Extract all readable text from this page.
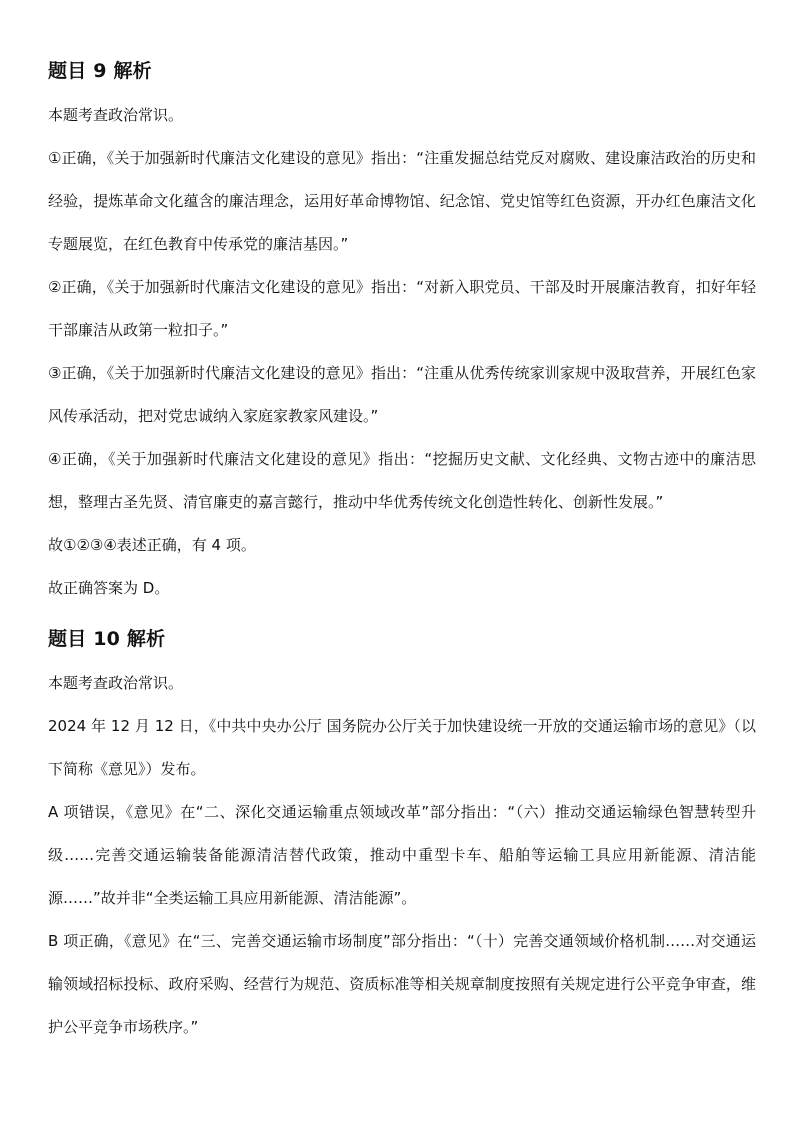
题目 9 解析

本题考查政治常识。

①正确，《关于加强新时代廉洁文化建设的意见》指出：“注重发掘总结党反对腐败、建设廉洁政治的历史和经验，提炼革命文化蕴含的廉洁理念，运用好革命博物馆、纪念馆、党史馆等红色资源，开办红色廉洁文化专题展览，在红色教育中传承党的廉洁基因。”

②正确，《关于加强新时代廉洁文化建设的意见》指出：“对新入职党员、干部及时开展廉洁教育，扣好年轻干部廉洁从政第一粒扣子。”

③正确，《关于加强新时代廉洁文化建设的意见》指出：“注重从优秀传统家训家规中汲取营养，开展红色家风传承活动，把对党忠诚纳入家庭家教家风建设。”

④正确，《关于加强新时代廉洁文化建设的意见》指出：“挖掘历史文献、文化经典、文物古迹中的廉洁思想，整理古圣先贤、清官廉吏的嘉言懿行，推动中华优秀传统文化创造性转化、创新性发展。”

故①②③④表述正确，有 4 项。

故正确答案为 D。

题目 10 解析

本题考查政治常识。

2024 年 12 月 12 日，《中共中央办公厅 国务院办公厅关于加快建设统一开放的交通运输市场的意见》（以下简称《意见》）发布。

A 项错误，《意见》在“二、深化交通运输重点领域改革”部分指出：“（六）推动交通运输绿色智慧转型升级……完善交通运输装备能源清洁替代政策，推动中重型卡车、船舶等运输工具应用新能源、清洁能源……”故并非“全类运输工具应用新能源、清洁能源”。

B 项正确，《意见》在“三、完善交通运输市场制度”部分指出：“（十）完善交通领域价格机制……对交通运输领域招标投标、政府采购、经营行为规范、资质标准等相关规章制度按照有关规定进行公平竞争审查，维护公平竞争市场秩序。”
